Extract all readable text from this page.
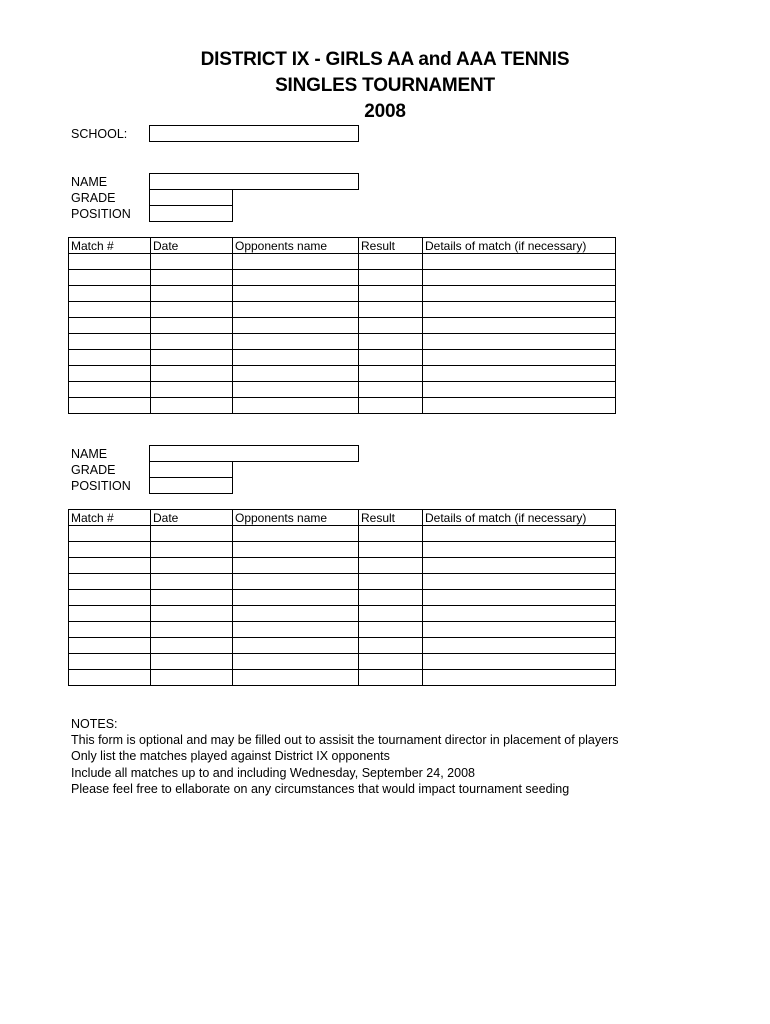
DISTRICT IX - GIRLS AA and AAA TENNIS
SINGLES TOURNAMENT
2008
SCHOOL:
NAME
GRADE
POSITION
Match #	Date	Opponents name	Result	Details of match (if necessary)

NAME
GRADE
POSITION
Match #	Date	Opponents name	Result	Details of match (if necessary)

NOTES:
This form is optional and may be filled out to assisit the tournament director in placement of players
Only list the matches played against District IX opponents
Include all matches up to and including Wednesday, September 24, 2008
Please feel free to ellaborate on any circumstances that would impact tournament seeding
